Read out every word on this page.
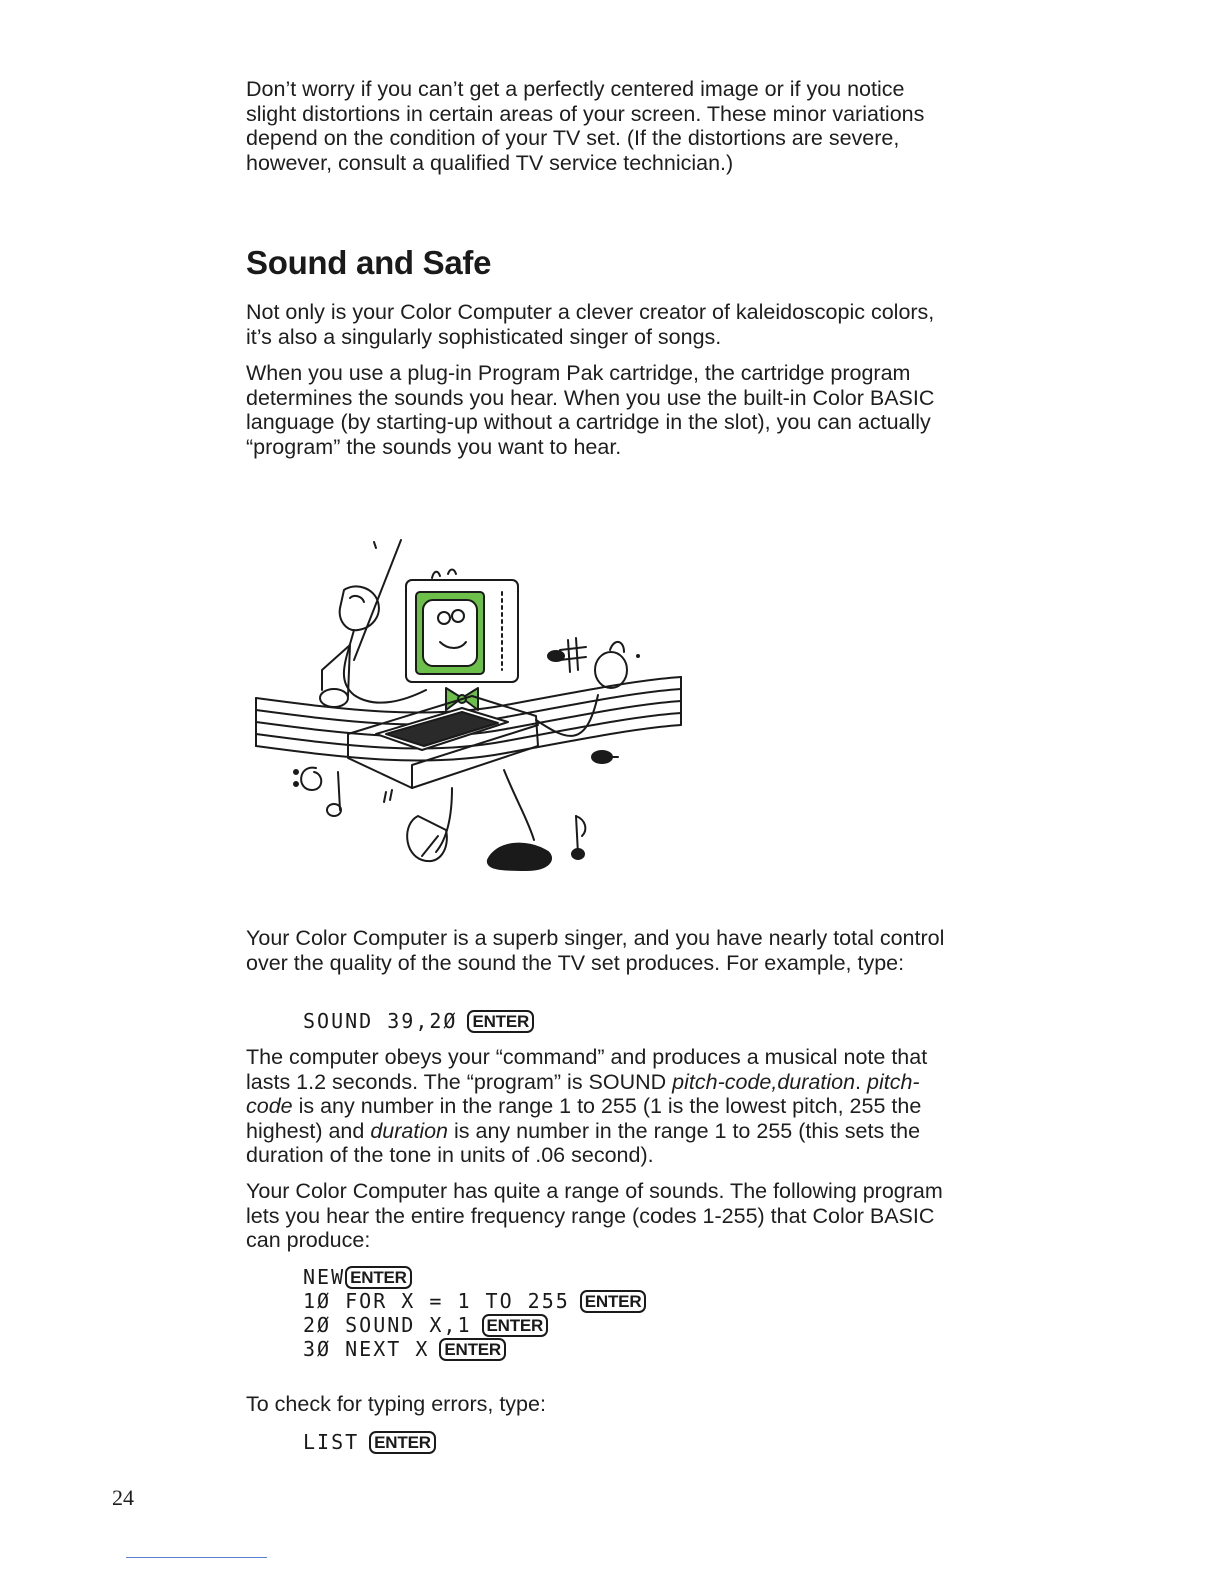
Don’t worry if you can’t get a perfectly centered image or if you notice slight distortions in certain areas of your screen. These minor variations depend on the condition of your TV set. (If the distortions are severe, however, consult a qualified TV service technician.)

Sound and Safe

Not only is your Color Computer a clever creator of kaleidoscopic colors, it’s also a singularly sophisticated singer of songs.

When you use a plug-in Program Pak cartridge, the cartridge program determines the sounds you hear. When you use the built-in Color BASIC language (by starting-up without a cartridge in the slot), you can actually “program” the sounds you want to hear.

Your Color Computer is a superb singer, and you have nearly total control over the quality of the sound the TV set produces. For example, type:

SOUND 39,2Ø ENTER

The computer obeys your “command” and produces a musical note that lasts 1.2 seconds. The “program” is SOUND pitch-code,duration. pitch-code is any number in the range 1 to 255 (1 is the lowest pitch, 255 the highest) and duration is any number in the range 1 to 255 (this sets the duration of the tone in units of .06 second).

Your Color Computer has quite a range of sounds. The following program lets you hear the entire frequency range (codes 1-255) that Color BASIC can produce:

NEW ENTER
1Ø FOR X = 1 TO 255 ENTER
2Ø SOUND X,1 ENTER
3Ø NEXT X ENTER

To check for typing errors, type:

LIST ENTER
24
